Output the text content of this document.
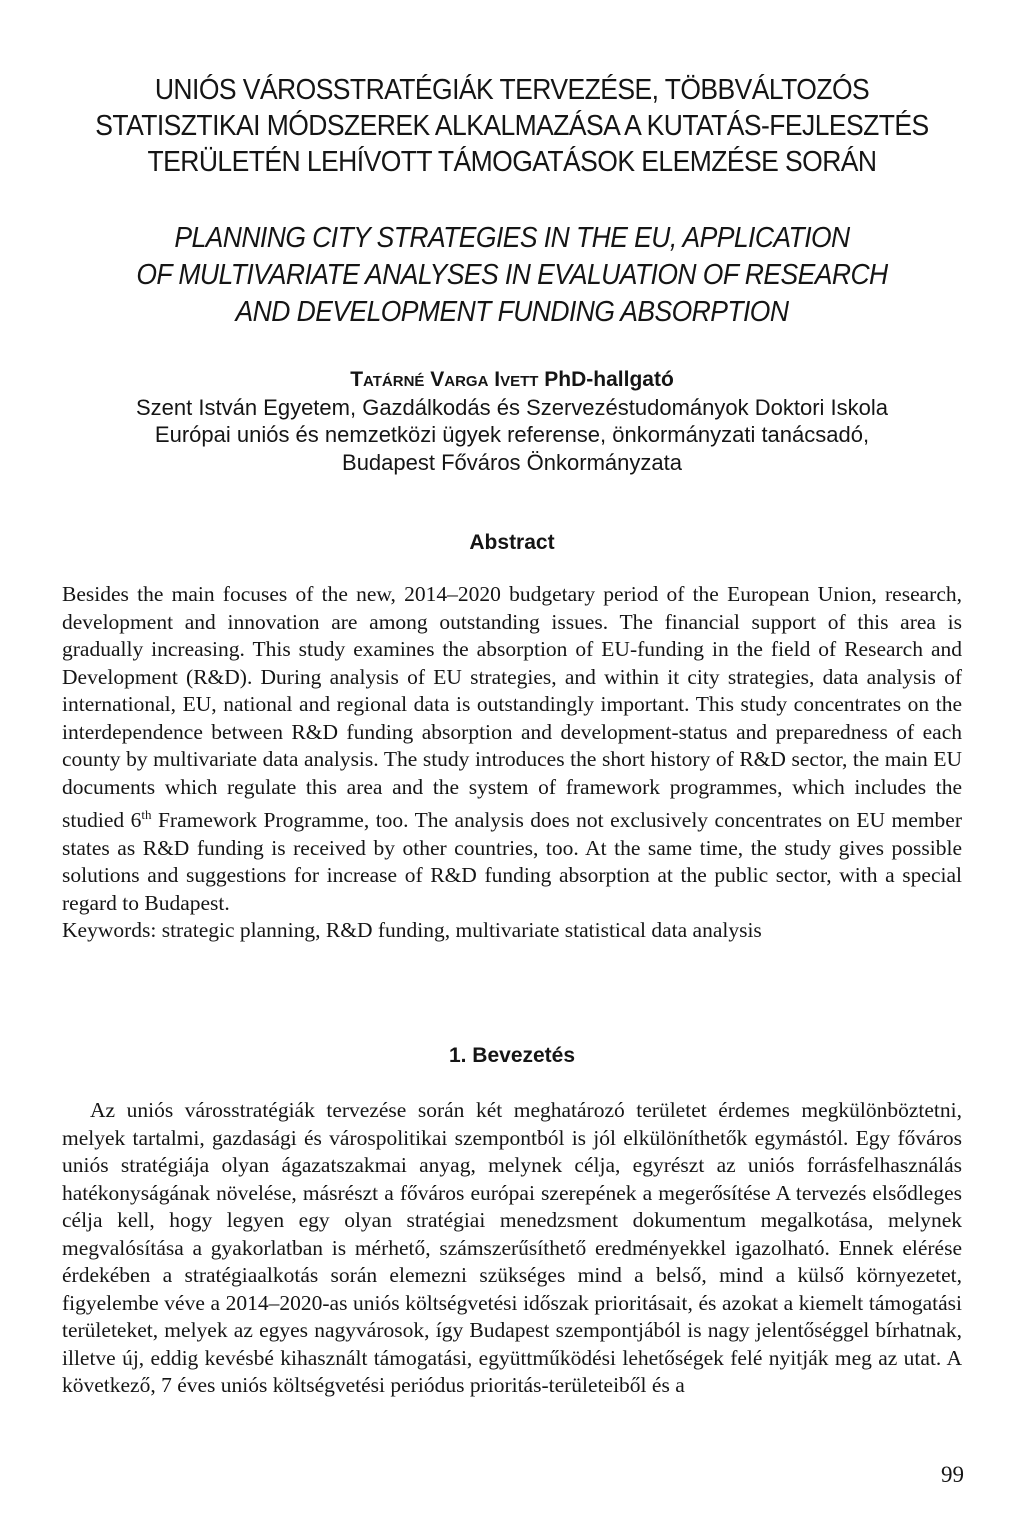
UNIÓS VÁROSSTRATÉGIÁK TERVEZÉSE, TÖBBVÁLTOZÓS
STATISZTIKAI MÓDSZEREK ALKALMAZÁSA A KUTATÁS-FEJLESZTÉS
TERÜLETÉN LEHÍVOTT TÁMOGATÁSOK ELEMZÉSE SORÁN
PLANNING CITY STRATEGIES IN THE EU, APPLICATION
OF MULTIVARIATE ANALYSES IN EVALUATION OF RESEARCH
AND DEVELOPMENT FUNDING ABSORPTION
Tatárné Varga Ivett PhD-hallgató
Szent István Egyetem, Gazdálkodás és Szervezéstudományok Doktori Iskola
Európai uniós és nemzetközi ügyek referense, önkormányzati tanácsadó,
Budapest Főváros Önkormányzata
Abstract

Besides the main focuses of the new, 2014–2020 budgetary period of the European Union, research, development and innovation are among outstanding issues. The financial support of this area is gradually increasing. This study examines the absorption of EU-funding in the field of Research and Development (R&D). During analysis of EU strategies, and within it city strategies, data analysis of international, EU, national and regional data is outstandingly important. This study concentrates on the interdependence between R&D funding absorption and development-status and preparedness of each county by multivariate data analysis. The study introduces the short history of R&D sector, the main EU documents which regulate this area and the system of framework programmes, which includes the studied 6th Framework Programme, too. The analysis does not exclusively concentrates on EU member states as R&D funding is received by other countries, too. At the same time, the study gives possible solutions and suggestions for increase of R&D funding absorption at the public sector, with a special regard to Budapest.

Keywords: strategic planning, R&D funding, multivariate statistical data analysis

1. Bevezetés

Az uniós városstratégiák tervezése során két meghatározó területet érdemes megkülönböztetni, melyek tartalmi, gazdasági és várospolitikai szempontból is jól elkülöníthetők egymástól. Egy főváros uniós stratégiája olyan ágazatszakmai anyag, melynek célja, egyrészt az uniós forrásfelhasználás hatékonyságának növelése, másrészt a főváros európai szerepének a megerősítése A tervezés elsődleges célja kell, hogy legyen egy olyan stratégiai menedzsment dokumentum megalkotása, melynek megvalósítása a gyakorlatban is mérhető, számszerűsíthető eredményekkel igazolható. Ennek elérése érdekében a stratégiaalkotás során elemezni szükséges mind a belső, mind a külső környezetet, figyelembe véve a 2014–2020-as uniós költségvetési időszak prioritásait, és azokat a kiemelt támogatási területeket, melyek az egyes nagyvárosok, így Budapest szempontjából is nagy jelentőséggel bírhatnak, illetve új, eddig kevésbé kihasznált támogatási, együttműködési lehetőségek felé nyitják meg az utat. A következő, 7 éves uniós költségvetési periódus prioritás-területeiből és a

99
